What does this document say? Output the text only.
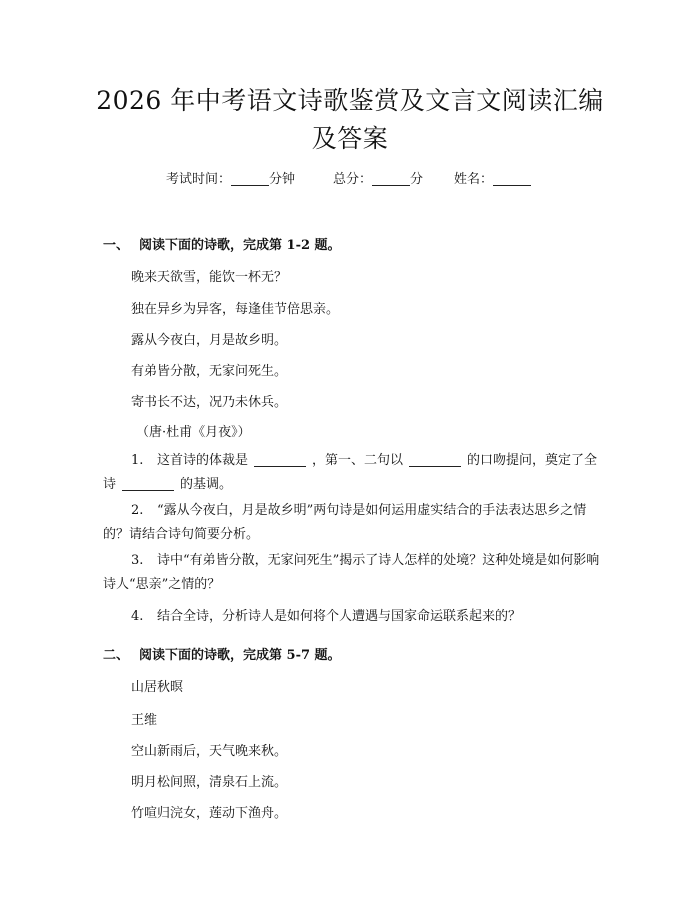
2026 年中考语文诗歌鉴赏及文言文阅读汇编
及答案
考试时间：	分钟	总分：	分 姓名：
一、 阅读下面的诗歌，完成第 1-2 题。
晚来天欲雪，能饮一杯无？
独在异乡为异客，每逢佳节倍思亲。
露从今夜白，月是故乡明。
有弟皆分散，无家问死生。
寄书长不达，况乃未休兵。
（唐·杜甫《月夜》）
1. 这首诗的体裁是	，第一、二句以	的口吻提问，奠定了全诗	的基调。
2. “露从今夜白，月是故乡明”两句诗是如何运用虚实结合的手法表达思乡之情的？请结合诗句简要分析。
3. 诗中“有弟皆分散，无家问死生”揭示了诗人怎样的处境？这种处境是如何影响诗人“思亲”之情的？
4. 结合全诗，分析诗人是如何将个人遭遇与国家命运联系起来的？
二、 阅读下面的诗歌，完成第 5-7 题。
山居秋暝
王维
空山新雨后，天气晚来秋。
明月松间照，清泉石上流。
竹喧归浣女，莲动下渔舟。
